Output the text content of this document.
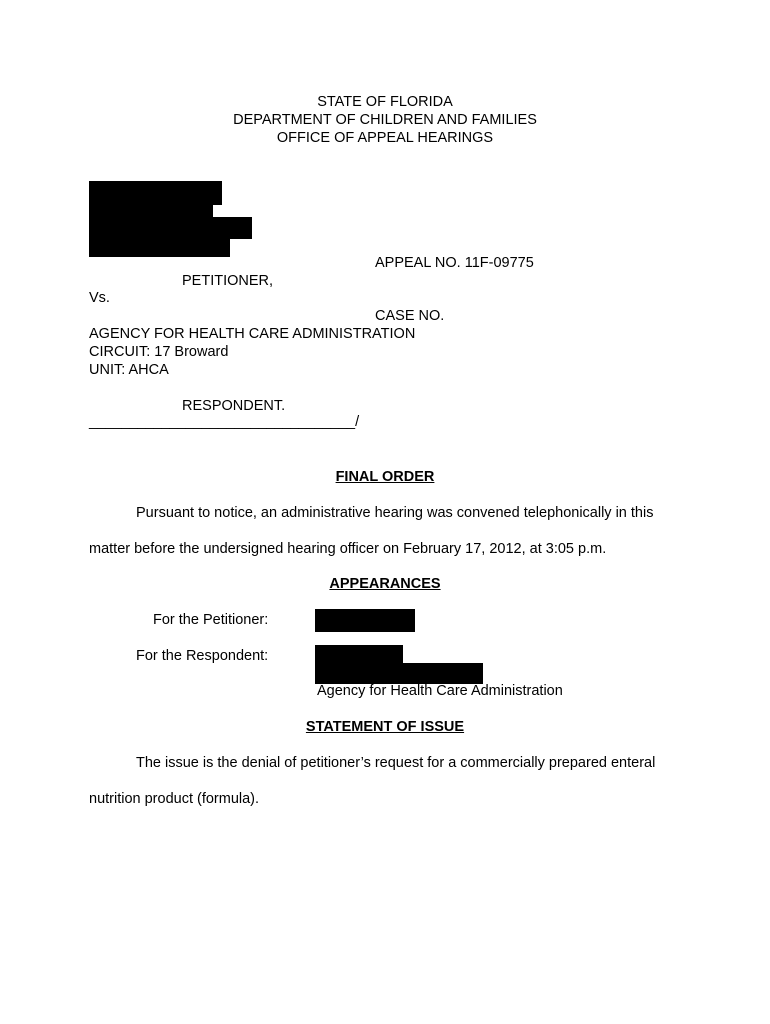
STATE OF FLORIDA
DEPARTMENT OF CHILDREN AND FAMILIES
OFFICE OF APPEAL HEARINGS
APPEAL NO. 11F-09775
PETITIONER,
Vs.
CASE NO.
AGENCY FOR HEALTH CARE ADMINISTRATION
CIRCUIT: 17 Broward
UNIT: AHCA
RESPONDENT.
_________________________________/
FINAL ORDER
Pursuant to notice, an administrative hearing was convened telephonically in this
matter before the undersigned hearing officer on February 17, 2012, at 3:05 p.m.
APPEARANCES
For the Petitioner:
For the Respondent:
Agency for Health Care Administration
STATEMENT OF ISSUE
The issue is the denial of petitioner’s request for a commercially prepared enteral
nutrition product (formula).
